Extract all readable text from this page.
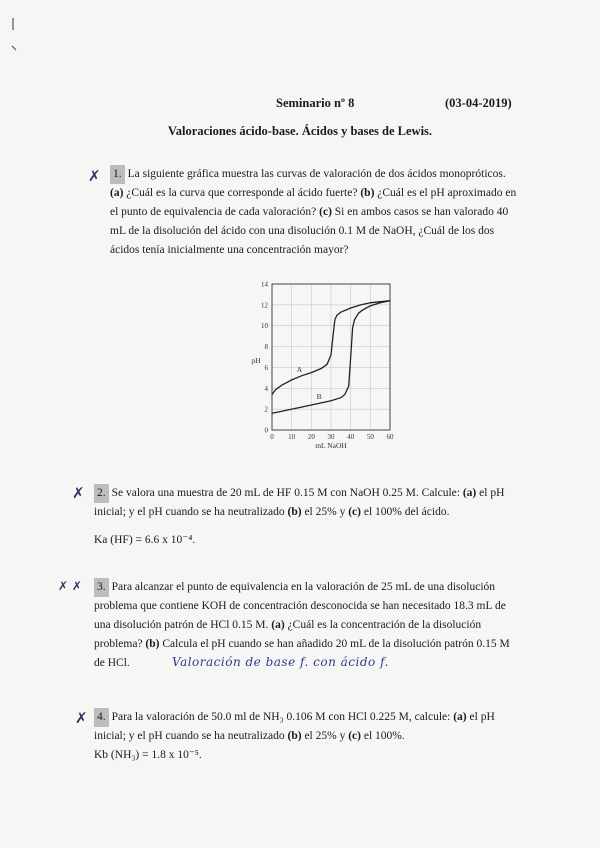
Seminario nº 8	(03-04-2019)
Valoraciones ácido-base. Ácidos y bases de Lewis.
✗ 1. La siguiente gráfica muestra las curvas de valoración de dos ácidos monopróticos. (a) ¿Cuál es la curva que corresponde al ácido fuerte? (b) ¿Cuál es el pH aproximado en el punto de equivalencia de cada valoración? (c) Si en ambos casos se han valorado 40 mL de la disolución del ácido con una disolución 0.1 M de NaOH, ¿Cuál de los dos ácidos tenía inicialmente una concentración mayor?
0 10 20 30 40 50 60
0
2
4
6
8
10
12
14
mL NaOH
pH
A
B
✗ 2. Se valora una muestra de 20 mL de HF 0.15 M con NaOH 0.25 M. Calcule: (a) el pH inicial; y el pH cuando se ha neutralizado (b) el 25% y (c) el 100% del ácido.
Ka (HF) = 6.6 x 10⁻⁴.
✗ ✗ 3. Para alcanzar el punto de equivalencia en la valoración de 25 mL de una disolución problema que contiene KOH de concentración desconocida se han necesitado 18.3 mL de una disolución patrón de HCl 0.15 M. (a) ¿Cuál es la concentración de la disolución problema? (b) Calcula el pH cuando se han añadido 20 mL de la disolución patrón 0.15 M de HCl.	Valoración de base f. con ácido f.
✗ 4. Para la valoración de 50.0 ml de NH₃ 0.106 M con HCl 0.225 M, calcule: (a) el pH inicial; y el pH cuando se ha neutralizado (b) el 25% y (c) el 100%.
Kb (NH₃) = 1.8 x 10⁻⁵.
